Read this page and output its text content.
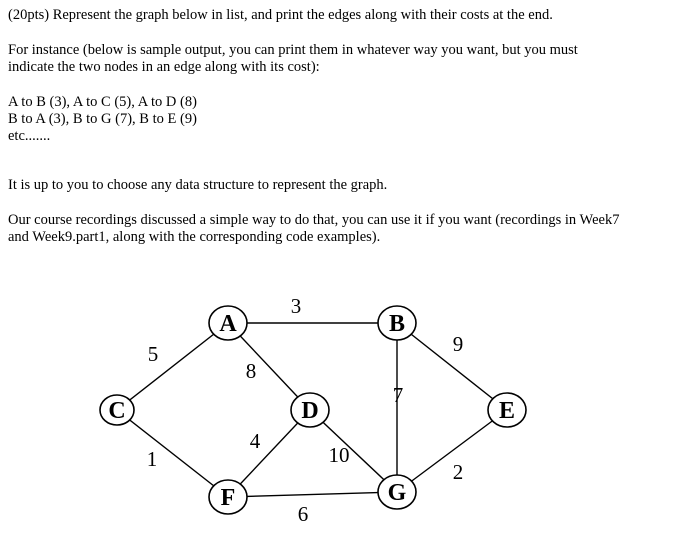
(20pts) Represent the graph below in list, and print the edges along with their costs at the end.
For instance (below is sample output, you can print them in whatever way you want, but you must
indicate the two nodes in an edge along with its cost):
A to B (3), A to C (5), A to D (8)
B to A (3), B to G (7), B to E (9)
etc.......
It is up to you to choose any data structure to represent the graph.
Our course recordings discussed a simple way to do that, you can use it if you want (recordings in Week7
and Week9.part1, along with the corresponding code examples).
A	B
C	D	E
F	G
3
5
8
7
9
1
4
10
2
6
